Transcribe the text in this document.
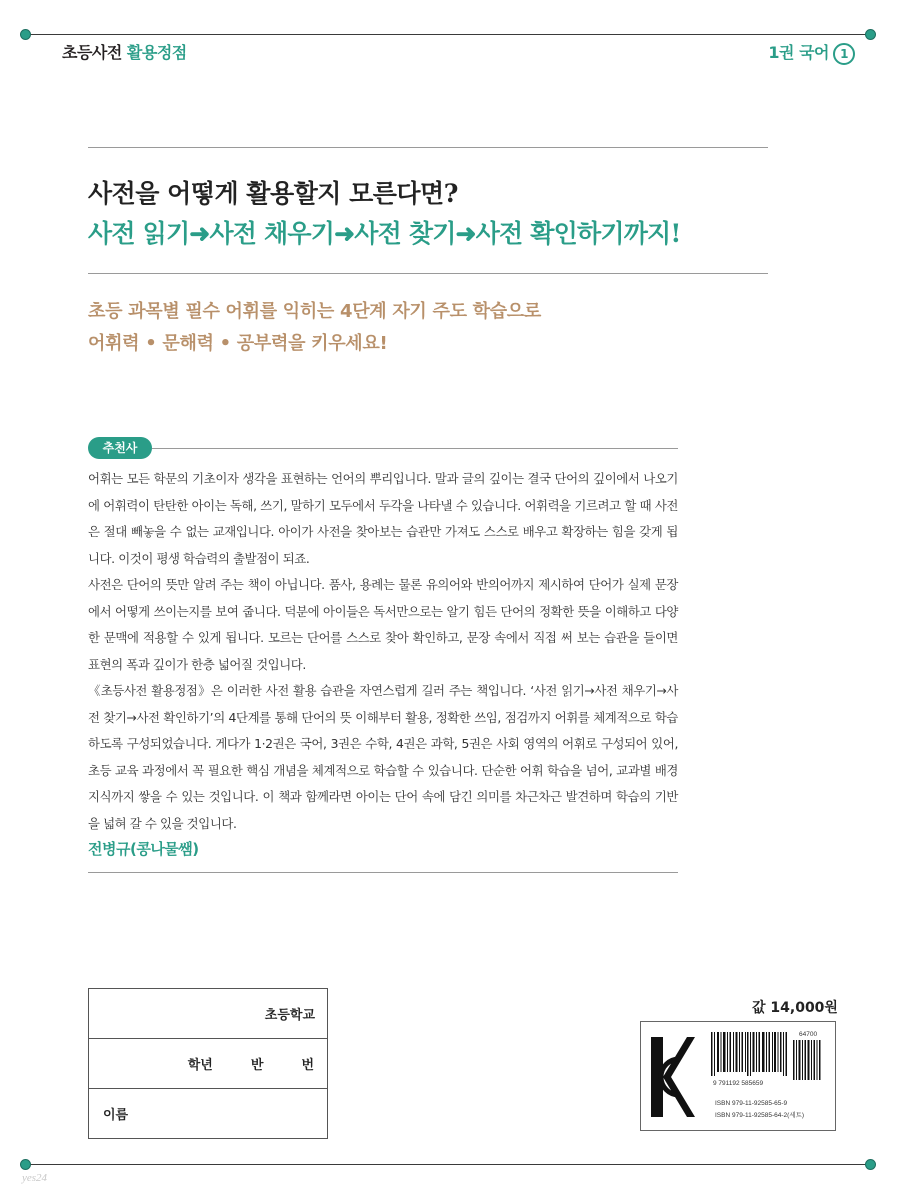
초등사전 활용정점	1권 국어 1
사전을 어떻게 활용할지 모른다면?
사전 읽기➜사전 채우기➜사전 찾기➜사전 확인하기까지!
초등 과목별 필수 어휘를 익히는 4단계 자기 주도 학습으로
어휘력 • 문해력 • 공부력을 키우세요!
추천사

어휘는 모든 학문의 기초이자 생각을 표현하는 언어의 뿌리입니다. 말과 글의 깊이는 결국 단어의 깊이에서 나오기에 어휘력이 탄탄한 아이는 독해, 쓰기, 말하기 모두에서 두각을 나타낼 수 있습니다. 어휘력을 기르려고 할 때 사전은 절대 빼놓을 수 없는 교재입니다. 아이가 사전을 찾아보는 습관만 가져도 스스로 배우고 확장하는 힘을 갖게 됩니다. 이것이 평생 학습력의 출발점이 되죠.

사전은 단어의 뜻만 알려 주는 책이 아닙니다. 품사, 용례는 물론 유의어와 반의어까지 제시하여 단어가 실제 문장에서 어떻게 쓰이는지를 보여 줍니다. 덕분에 아이들은 독서만으로는 알기 힘든 단어의 정확한 뜻을 이해하고 다양한 문맥에 적용할 수 있게 됩니다. 모르는 단어를 스스로 찾아 확인하고, 문장 속에서 직접 써 보는 습관을 들이면 표현의 폭과 깊이가 한층 넓어질 것입니다.

《초등사전 활용정점》은 이러한 사전 활용 습관을 자연스럽게 길러 주는 책입니다. ‘사전 읽기→사전 채우기→사전 찾기→사전 확인하기’의 4단계를 통해 단어의 뜻 이해부터 활용, 정확한 쓰임, 점검까지 어휘를 체계적으로 학습하도록 구성되었습니다. 게다가 1·2권은 국어, 3권은 수학, 4권은 과학, 5권은 사회 영역의 어휘로 구성되어 있어, 초등 교육 과정에서 꼭 필요한 핵심 개념을 체계적으로 학습할 수 있습니다. 단순한 어휘 학습을 넘어, 교과별 배경지식까지 쌓을 수 있는 것입니다. 이 책과 함께라면 아이는 단어 속에 담긴 의미를 차근차근 발견하며 학습의 기반을 넓혀 갈 수 있을 것입니다.

전병규(콩나물쌤)
초등학교

학년	반	번

이름
값 14,000원
64700
9 791192 585659
ISBN 979-11-92585-65-9
ISBN 979-11-92585-64-2(세트)
yes24
